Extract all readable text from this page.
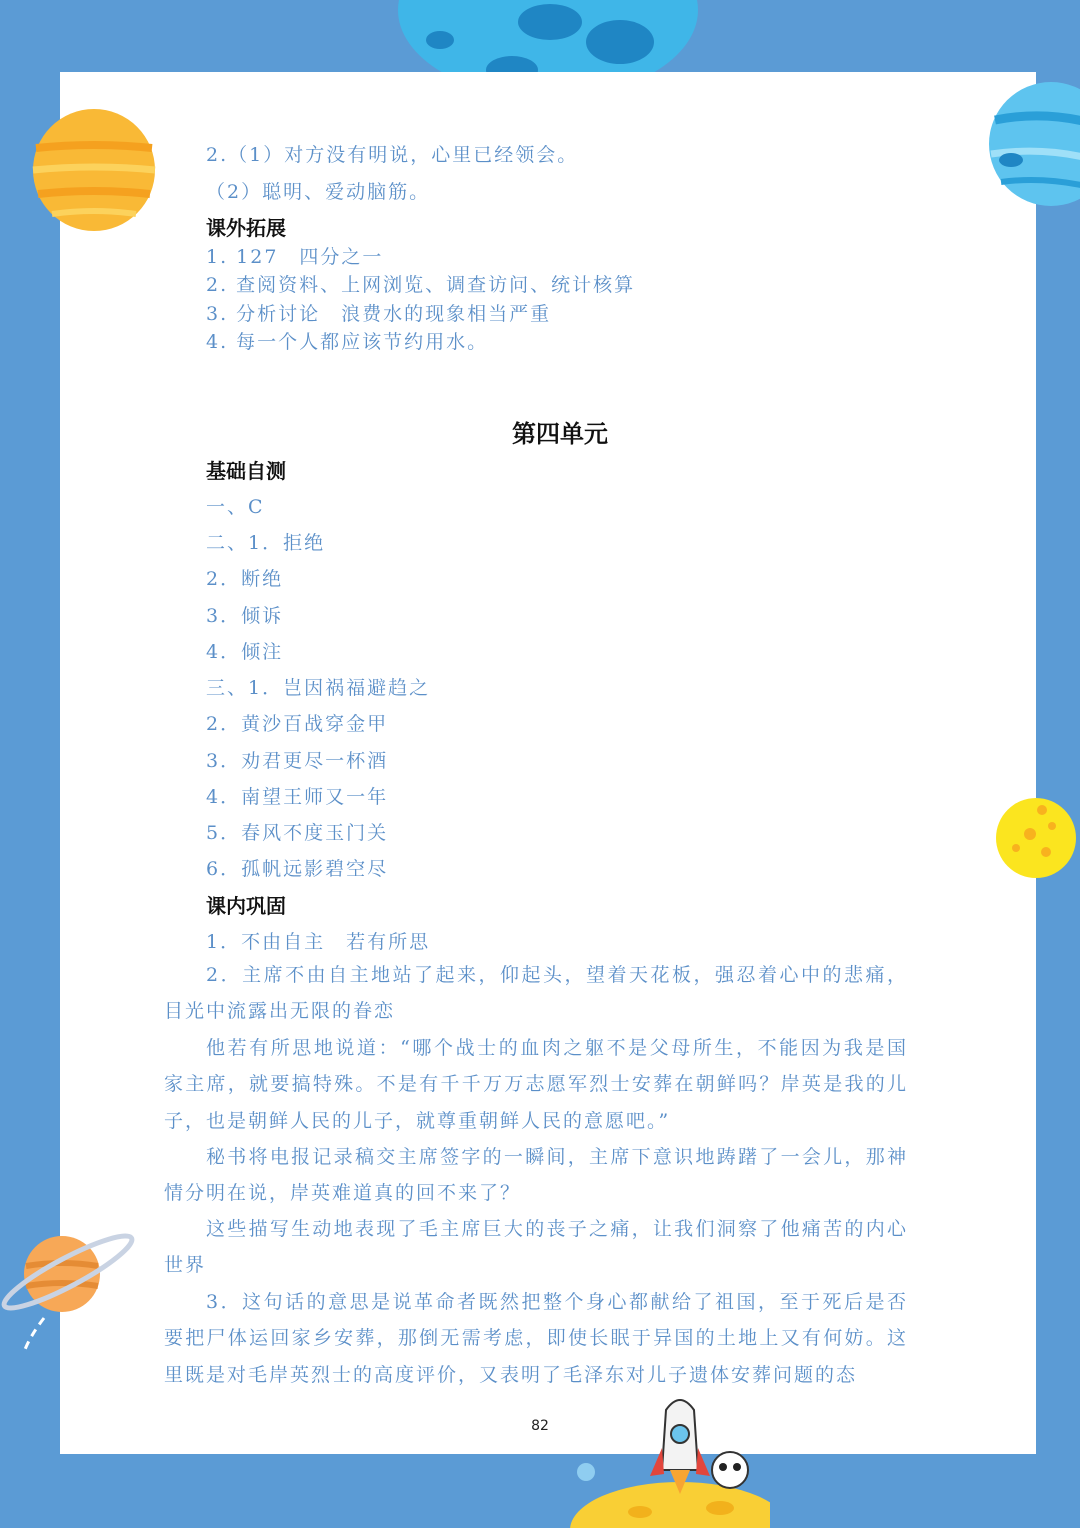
2.（1）对方没有明说，心里已经领会。
（2）聪明、爱动脑筋。
课外拓展
1. 127　四分之一
2. 查阅资料、上网浏览、调查访问、统计核算
3. 分析讨论　浪费水的现象相当严重
4. 每一个人都应该节约用水。
第四单元
基础自测
一、C
二、1．拒绝
2．断绝
3．倾诉
4．倾注
三、1．岂因祸福避趋之
2．黄沙百战穿金甲
3．劝君更尽一杯酒
4．南望王师又一年
5．春风不度玉门关
6．孤帆远影碧空尽
课内巩固
1．不由自主　若有所思
2．主席不由自主地站了起来，仰起头，望着天花板，强忍着心中的悲痛，目光中流露出无限的眷恋
他若有所思地说道：“哪个战士的血肉之躯不是父母所生，不能因为我是国家主席，就要搞特殊。不是有千千万万志愿军烈士安葬在朝鲜吗？岸英是我的儿子，也是朝鲜人民的儿子，就尊重朝鲜人民的意愿吧。”
秘书将电报记录稿交主席签字的一瞬间，主席下意识地踌躇了一会儿，那神情分明在说，岸英难道真的回不来了？
这些描写生动地表现了毛主席巨大的丧子之痛，让我们洞察了他痛苦的内心世界
3．这句话的意思是说革命者既然把整个身心都献给了祖国，至于死后是否要把尸体运回家乡安葬，那倒无需考虑，即使长眠于异国的土地上又有何妨。这里既是对毛岸英烈士的高度评价，又表明了毛泽东对儿子遗体安葬问题的态
82
